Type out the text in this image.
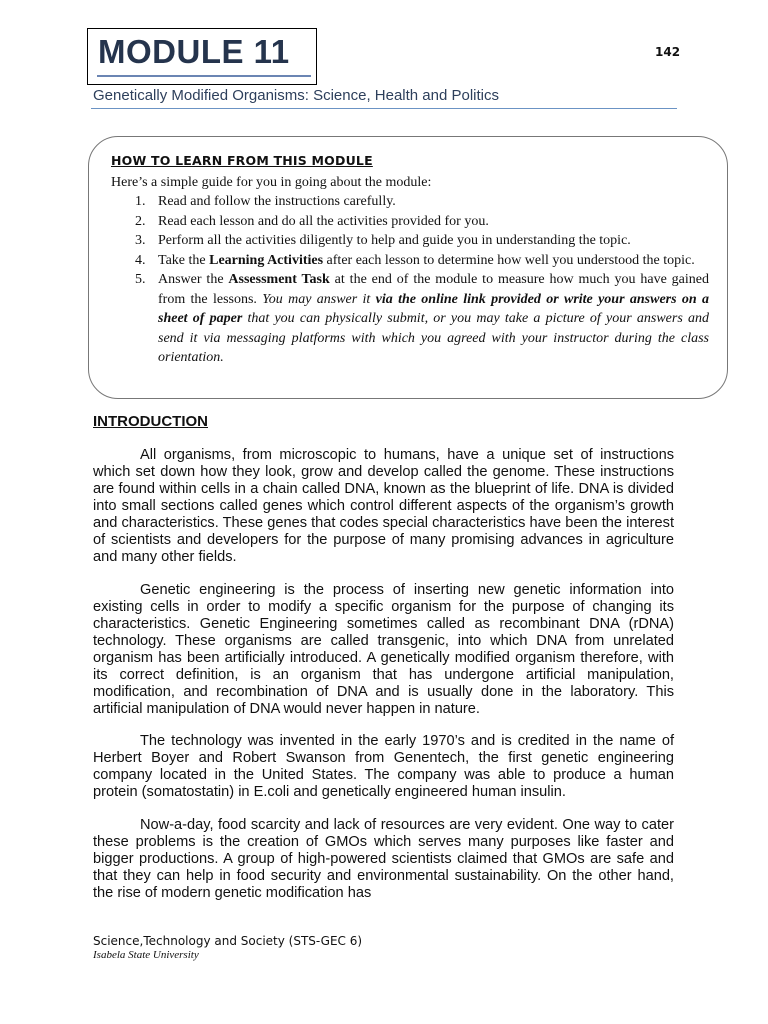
MODULE 11	142
Genetically Modified Organisms: Science, Health and Politics
HOW TO LEARN FROM THIS MODULE
Here’s a simple guide for you in going about the module:
1. Read and follow the instructions carefully.
2. Read each lesson and do all the activities provided for you.
3. Perform all the activities diligently to help and guide you in understanding the topic.
4. Take the Learning Activities after each lesson to determine how well you understood the topic.
5. Answer the Assessment Task at the end of the module to measure how much you have gained from the lessons. You may answer it via the online link provided or write your answers on a sheet of paper that you can physically submit, or you may take a picture of your answers and send it via messaging platforms with which you agreed with your instructor during the class orientation.
INTRODUCTION

All organisms, from microscopic to humans, have a unique set of instructions which set down how they look, grow and develop called the genome. These instructions are found within cells in a chain called DNA, known as the blueprint of life. DNA is divided into small sections called genes which control different aspects of the organism’s growth and characteristics. These genes that codes special characteristics have been the interest of scientists and developers for the purpose of many promising advances in agriculture and many other fields.

Genetic engineering is the process of inserting new genetic information into existing cells in order to modify a specific organism for the purpose of changing its characteristics. Genetic Engineering sometimes called as recombinant DNA (rDNA) technology. These organisms are called transgenic, into which DNA from unrelated organism has been artificially introduced. A genetically modified organism therefore, with its correct definition, is an organism that has undergone artificial manipulation, modification, and recombination of DNA and is usually done in the laboratory. This artificial manipulation of DNA would never happen in nature.

The technology was invented in the early 1970’s and is credited in the name of Herbert Boyer and Robert Swanson from Genentech, the first genetic engineering company located in the United States. The company was able to produce a human protein (somatostatin) in E.coli and genetically engineered human insulin.

Now-a-day, food scarcity and lack of resources are very evident. One way to cater these problems is the creation of GMOs which serves many purposes like faster and bigger productions. A group of high-powered scientists claimed that GMOs are safe and that they can help in food security and environmental sustainability. On the other hand, the rise of modern genetic modification has

Science,Technology and Society (STS-GEC 6)
Isabela State University
